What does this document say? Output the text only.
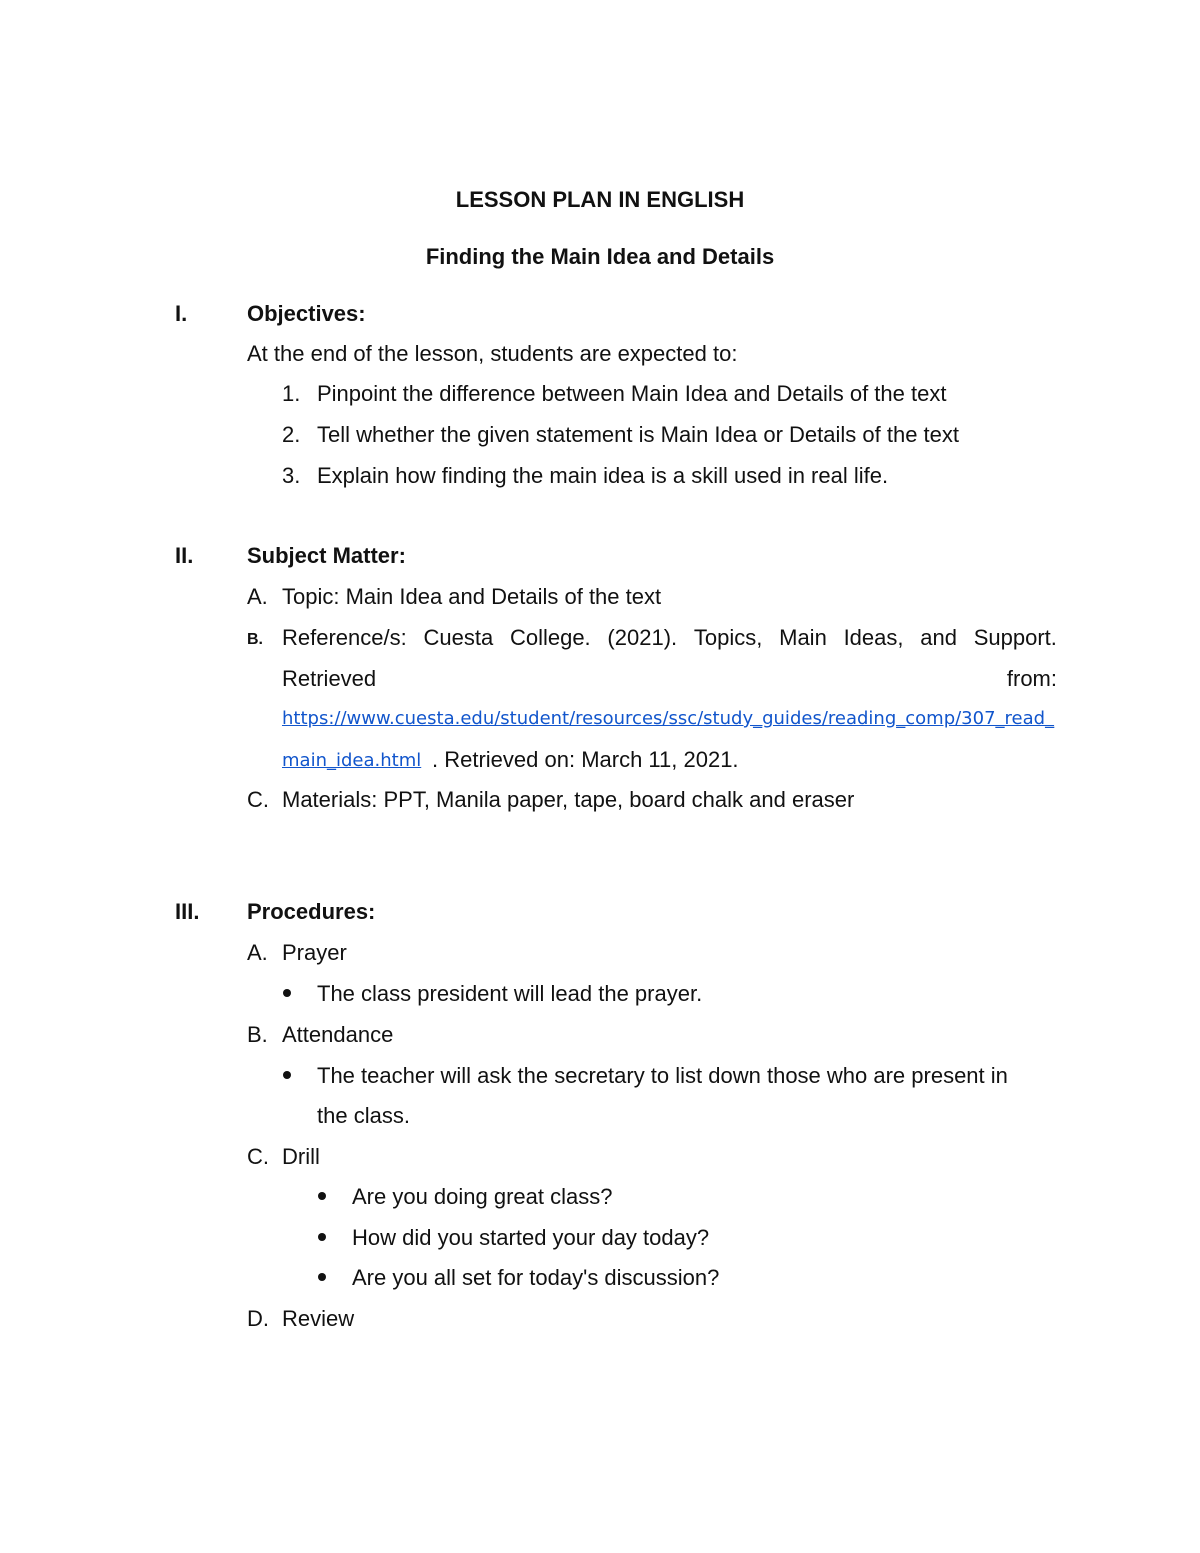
LESSON PLAN IN ENGLISH
Finding the Main Idea and Details
I.	Objectives:
At the end of the lesson, students are expected to:
1. Pinpoint the difference between Main Idea and Details of the text
2. Tell whether the given statement is Main Idea or Details of the text
3. Explain how finding the main idea is a skill used in real life.
II. Subject Matter:
A. Topic: Main Idea and Details of the text
B. Reference/s: Cuesta College. (2021). Topics, Main Ideas, and Support.
Retrieved	from:
https://www.cuesta.edu/student/resources/ssc/study_guides/reading_comp/307_read_
main_idea.html . Retrieved on: March 11, 2021.
C. Materials: PPT, Manila paper, tape, board chalk and eraser
III. Procedures:
A. Prayer
The class president will lead the prayer.
B. Attendance
The teacher will ask the secretary to list down those who are present in
the class.
C. Drill
Are you doing great class?
How did you started your day today?
Are you all set for today's discussion?
D. Review
